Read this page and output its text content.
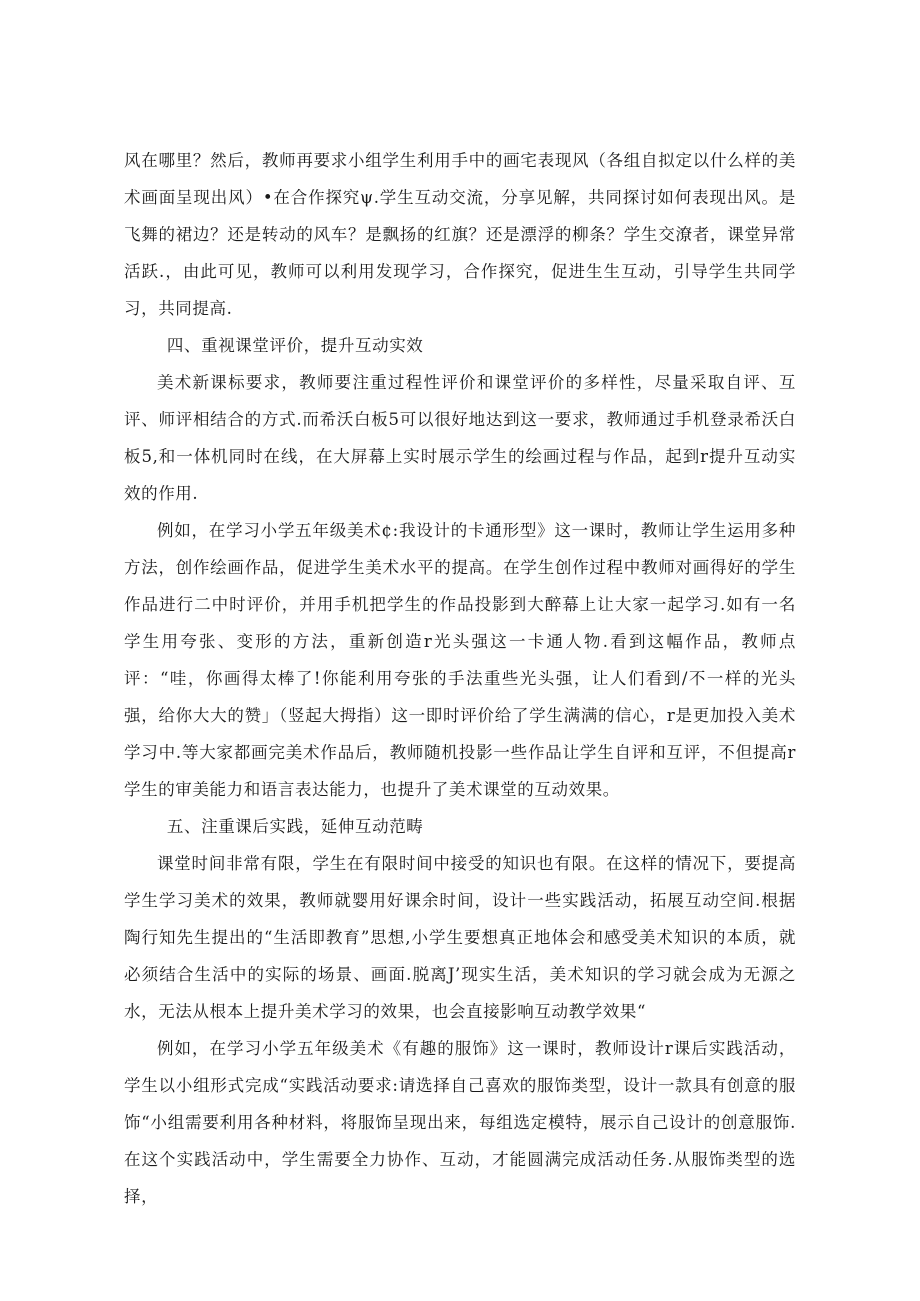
风在哪里？然后，教师再要求小组学生利用手中的画宅表现风（各组自拟定以什么样的美术画面呈现出风）•在合作探究ψ.学生互动交流，分享见解，共同探讨如何表现出风。是飞舞的裙边？还是转动的风车？是飘扬的红旗？还是漂浮的柳条？学生交潦者，课堂异常活跃.，由此可见，教师可以利用发现学习，合作探究，促进生生互动，引导学生共同学习，共同提高.

四、重视课堂评价，提升互动实效

美术新课标要求，教师要注重过程性评价和课堂评价的多样性，尽量采取自评、互评、师评相结合的方式.而希沃白板5可以很好地达到这一要求，教师通过手机登录希沃白板5,和一体机同时在线，在大屏幕上实时展示学生的绘画过程与作品，起到r提升互动实效的作用.

例如，在学习小学五年级美术¢:我设计的卡通形型》这一课时，教师让学生运用多种方法，创作绘画作品，促进学生美术水平的提高。在学生创作过程中教师对画得好的学生作品进行二中时评价，并用手机把学生的作品投影到大醉幕上让大家一起学习.如有一名学生用夸张、变形的方法，重新创造r光头强这一卡通人物.看到这幅作品，教师点评：“哇，你画得太棒了!你能利用夸张的手法重些光头强，让人们看到/不一样的光头强，给你大大的赞」（竖起大拇指）这一即时评价给了学生满满的信心，r是更加投入美术学习中.等大家都画完美术作品后，教师随机投影一些作品让学生自评和互评，不但提高r学生的审美能力和语言表达能力，也提升了美术课堂的互动效果。

五、注重课后实践，延伸互动范畴

课堂时间非常有限，学生在有限时间中接受的知识也有限。在这样的情况下，要提高学生学习美术的效果，教师就婴用好课余时间，设计一些实践活动，拓展互动空间.根据陶行知先生提出的“生活即教育”思想,小学生要想真正地体会和感受美术知识的本质，就必须结合生活中的实际的场景、画面.脱离J’现实生活，美术知识的学习就会成为无源之水，无法从根本上提升美术学习的效果，也会直接影响互动教学效果“

例如，在学习小学五年级美术《有趣的服饰》这一课时，教师设计r课后实践活动，学生以小组形式完成“实践活动要求:请选择自己喜欢的服饰类型，设计一款具有创意的服饰“小组需要利用各种材料，将服饰呈现出来，每组选定模特，展示自己设计的创意服饰.在这个实践活动中，学生需要全力协作、互动，才能圆满完成活动任务.从服饰类型的选择，
